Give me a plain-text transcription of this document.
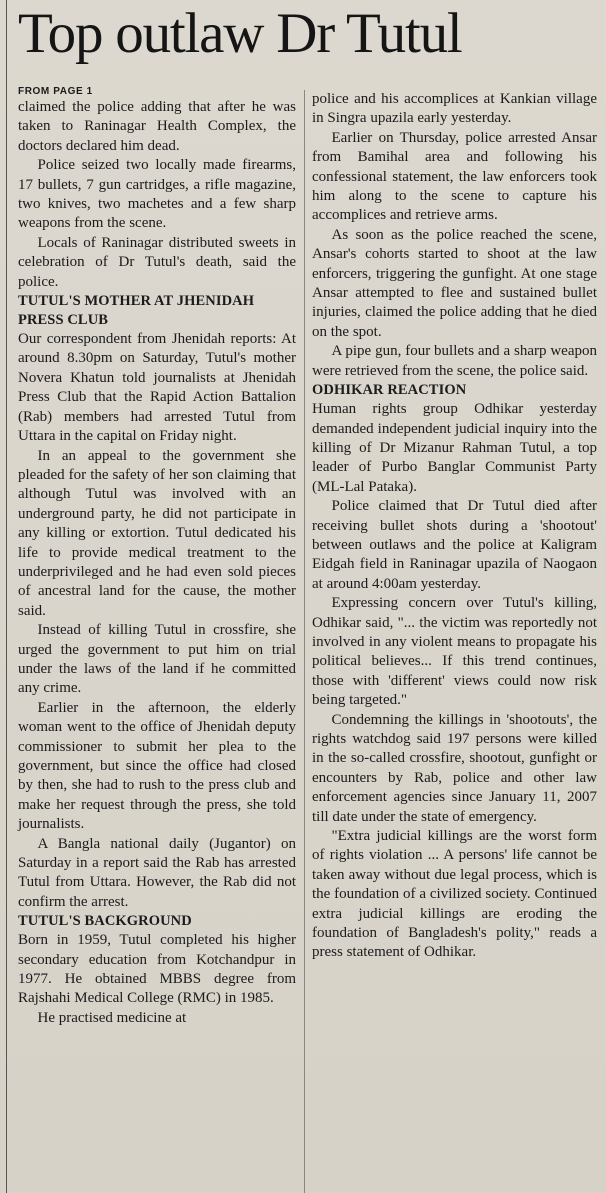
Top outlaw Dr Tutul
FROM PAGE 1

claimed the police adding that after he was taken to Raninagar Health Complex, the doctors declared him dead.

Police seized two locally made firearms, 17 bullets, 7 gun cartridges, a rifle magazine, two knives, two machetes and a few sharp weapons from the scene.

Locals of Raninagar distributed sweets in celebration of Dr Tutul's death, said the police.

TUTUL'S MOTHER AT JHENIDAH PRESS CLUB

Our correspondent from Jhenidah reports: At around 8.30pm on Saturday, Tutul's mother Novera Khatun told journalists at Jhenidah Press Club that the Rapid Action Battalion (Rab) members had arrested Tutul from Uttara in the capital on Friday night.

In an appeal to the government she pleaded for the safety of her son claiming that although Tutul was involved with an underground party, he did not participate in any killing or extortion. Tutul dedicated his life to provide medical treatment to the underprivileged and he had even sold pieces of ancestral land for the cause, the mother said.

Instead of killing Tutul in crossfire, she urged the government to put him on trial under the laws of the land if he committed any crime.

Earlier in the afternoon, the elderly woman went to the office of Jhenidah deputy commissioner to submit her plea to the government, but since the office had closed by then, she had to rush to the press club and make her request through the press, she told journalists.

A Bangla national daily (Jugantor) on Saturday in a report said the Rab has arrested Tutul from Uttara. However, the Rab did not confirm the arrest.

TUTUL'S BACKGROUND

Born in 1959, Tutul completed his higher secondary education from Kotchandpur in 1977. He obtained MBBS degree from Rajshahi Medical College (RMC) in 1985.

He practised medicine at

police and his accomplices at Kankian village in Singra upazila early yesterday.

Earlier on Thursday, police arrested Ansar from Bamihal area and following his confessional statement, the law enforcers took him along to the scene to capture his accomplices and retrieve arms.

As soon as the police reached the scene, Ansar's cohorts started to shoot at the law enforcers, triggering the gunfight. At one stage Ansar attempted to flee and sustained bullet injuries, claimed the police adding that he died on the spot.

A pipe gun, four bullets and a sharp weapon were retrieved from the scene, the police said.

ODHIKAR REACTION

Human rights group Odhikar yesterday demanded independent judicial inquiry into the killing of Dr Mizanur Rahman Tutul, a top leader of Purbo Banglar Communist Party (ML-Lal Pataka).

Police claimed that Dr Tutul died after receiving bullet shots during a 'shootout' between outlaws and the police at Kaligram Eidgah field in Raninagar upazila of Naogaon at around 4:00am yesterday.

Expressing concern over Tutul's killing, Odhikar said, "... the victim was reportedly not involved in any violent means to propagate his political believes... If this trend continues, those with 'different' views could now risk being targeted."

Condemning the killings in 'shootouts', the rights watchdog said 197 persons were killed in the so-called crossfire, shootout, gunfight or encounters by Rab, police and other law enforcement agencies since January 11, 2007 till date under the state of emergency.

"Extra judicial killings are the worst form of rights violation ... A persons' life cannot be taken away without due legal process, which is the foundation of a civilized society. Continued extra judicial killings are eroding the foundation of Bangladesh's polity," reads a press statement of Odhikar.
